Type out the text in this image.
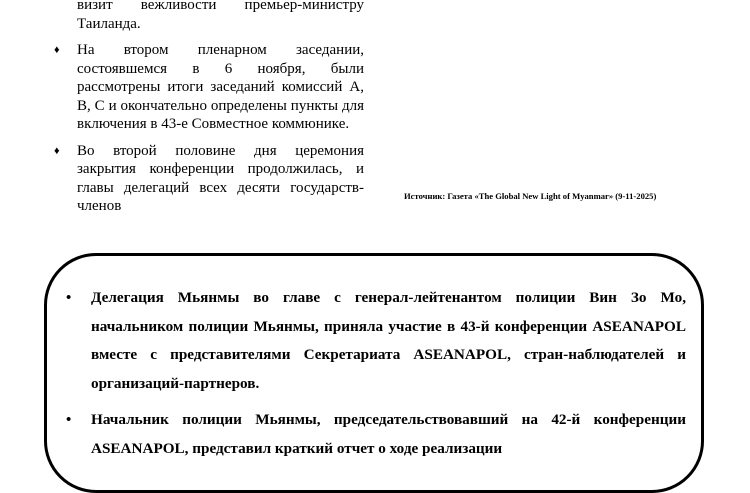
визит вежливости премьер-министру Таиланда.

♦ На втором пленарном заседании, состоявшемся в 6 ноября, были рассмотрены итоги заседаний комиссий A, B, C и окончательно определены пункты для включения в 43-е Совместное коммюнике.

♦ Во второй половине дня церемония закрытия конференции продолжилась, и главы делегаций всех десяти государств-членов

Источник: Газета «The Global New Light of Myanmar» (9-11-2025)

• Делегация Мьянмы во главе с генерал-лейтенантом полиции Вин Зо Мо, начальником полиции Мьянмы, приняла участие в 43-й конференции ASEANAPOL вместе с представителями Секретариата ASEANAPOL, стран-наблюдателей и организаций-партнеров.

• Начальник полиции Мьянмы, председательствовавший на 42-й конференции ASEANAPOL, представил краткий отчет о ходе реализации
